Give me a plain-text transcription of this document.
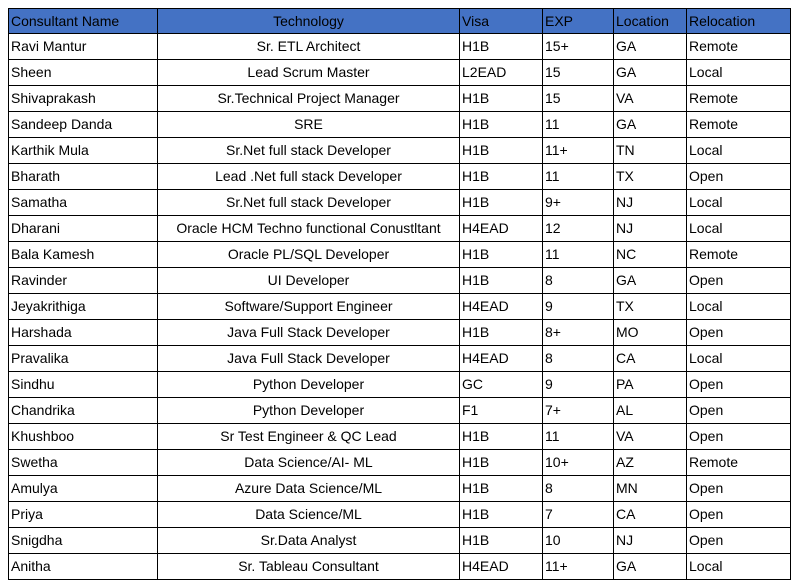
Consultant Name	Technology	Visa	EXP	Location	Relocation
Ravi Mantur	Sr. ETL Architect	H1B	15+	GA	Remote
Sheen	Lead Scrum Master	L2EAD	15	GA	Local
Shivaprakash	Sr.Technical Project Manager	H1B	15	VA	Remote
Sandeep Danda	SRE	H1B	11	GA	Remote
Karthik Mula	Sr.Net full stack Developer	H1B	11+	TN	Local
Bharath	Lead .Net full stack Developer	H1B	11	TX	Open
Samatha	Sr.Net full stack Developer	H1B	9+	NJ	Local
Dharani	Oracle HCM Techno functional Conustltant	H4EAD	12	NJ	Local
Bala Kamesh	Oracle PL/SQL Developer	H1B	11	NC	Remote
Ravinder	UI Developer	H1B	8	GA	Open
Jeyakrithiga	Software/Support Engineer	H4EAD	9	TX	Local
Harshada	Java Full Stack Developer	H1B	8+	MO	Open
Pravalika	Java Full Stack Developer	H4EAD	8	CA	Local
Sindhu	Python Developer	GC	9	PA	Open
Chandrika	Python Developer	F1	7+	AL	Open
Khushboo	Sr Test Engineer & QC Lead	H1B	11	VA	Open
Swetha	Data Science/AI- ML	H1B	10+	AZ	Remote
Amulya	Azure Data Science/ML	H1B	8	MN	Open
Priya	Data Science/ML	H1B	7	CA	Open
Snigdha	Sr.Data Analyst	H1B	10	NJ	Open
Anitha	Sr. Tableau Consultant	H4EAD	11+	GA	Local
